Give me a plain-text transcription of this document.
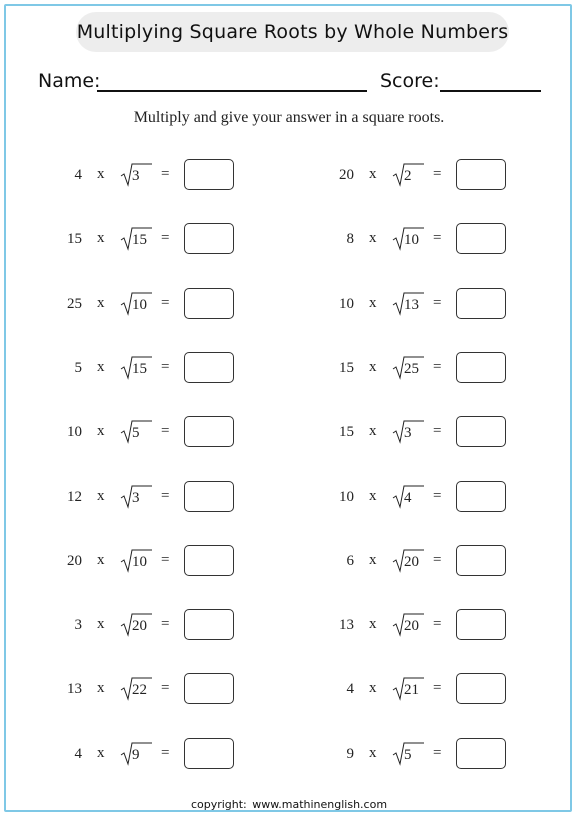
Multiplying Square Roots by Whole Numbers
Name:	Score:
Multiply and give your answer in a square roots.
4 x 3 =
15 x 15 =
25 x 10 =
5 x 15 =
10 x 5 =
12 x 3 =
20 x 10 =
3 x 20 =
13 x 22 =
4 x 9 =
20 x 2 =
8 x 10 =
10 x 13 =
15 x 25 =
15 x 3 =
10 x 4 =
6 x 20 =
13 x 20 =
4 x 21 =
9 x 5 =
copyright: www.mathinenglish.com
